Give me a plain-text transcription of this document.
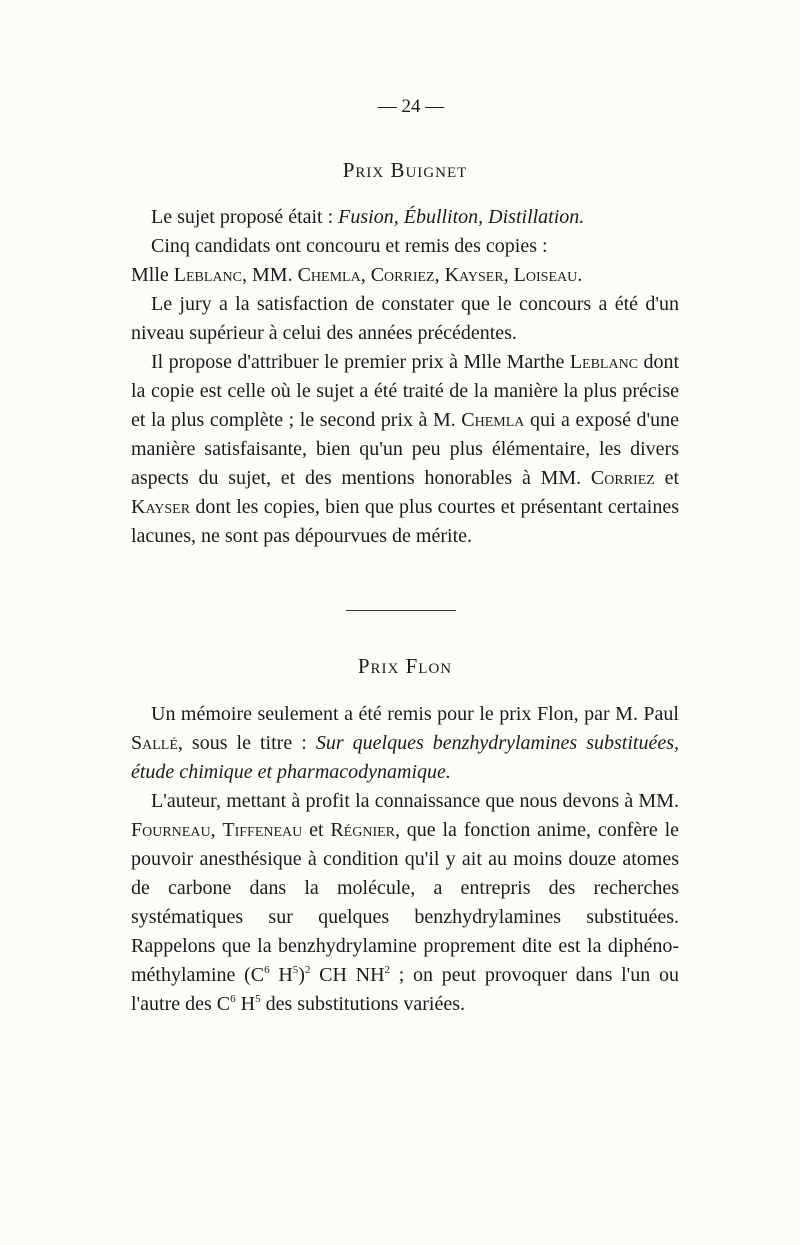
— 24 —
Prix Buignet

Le sujet proposé était : Fusion, Ébulliton, Distillation.

Cinq candidats ont concouru et remis des copies :

Mlle Leblanc, MM. Chemla, Corriez, Kayser, Loiseau.

Le jury a la satisfaction de constater que le concours a été d'un niveau supérieur à celui des années précédentes.

Il propose d'attribuer le premier prix à Mlle Marthe Leblanc dont la copie est celle où le sujet a été traité de la manière la plus précise et la plus complète ; le second prix à M. Chemla qui a exposé d'une manière satisfaisante, bien qu'un peu plus élémentaire, les divers aspects du sujet, et des mentions honorables à MM. Corriez et Kayser dont les copies, bien que plus courtes et présentant certaines lacunes, ne sont pas dépourvues de mérite.

Prix Flon

Un mémoire seulement a été remis pour le prix Flon, par M. Paul Sallé, sous le titre : Sur quelques benzhydrylamines substituées, étude chimique et pharmacodynamique.

L'auteur, mettant à profit la connaissance que nous devons à MM. Fourneau, Tiffeneau et Régnier, que la fonction anime, confère le pouvoir anesthésique à condition qu'il y ait au moins douze atomes de carbone dans la molécule, a entrepris des recherches systématiques sur quelques benzhydrylamines substituées. Rappelons que la benzhydrylamine proprement dite est la diphéno-méthylamine ($C^6$ $H^5)^2$ CH $NH^2$ ; on peut provoquer dans l'un ou l'autre des $C^6$ $H^5$ des substitutions variées.
